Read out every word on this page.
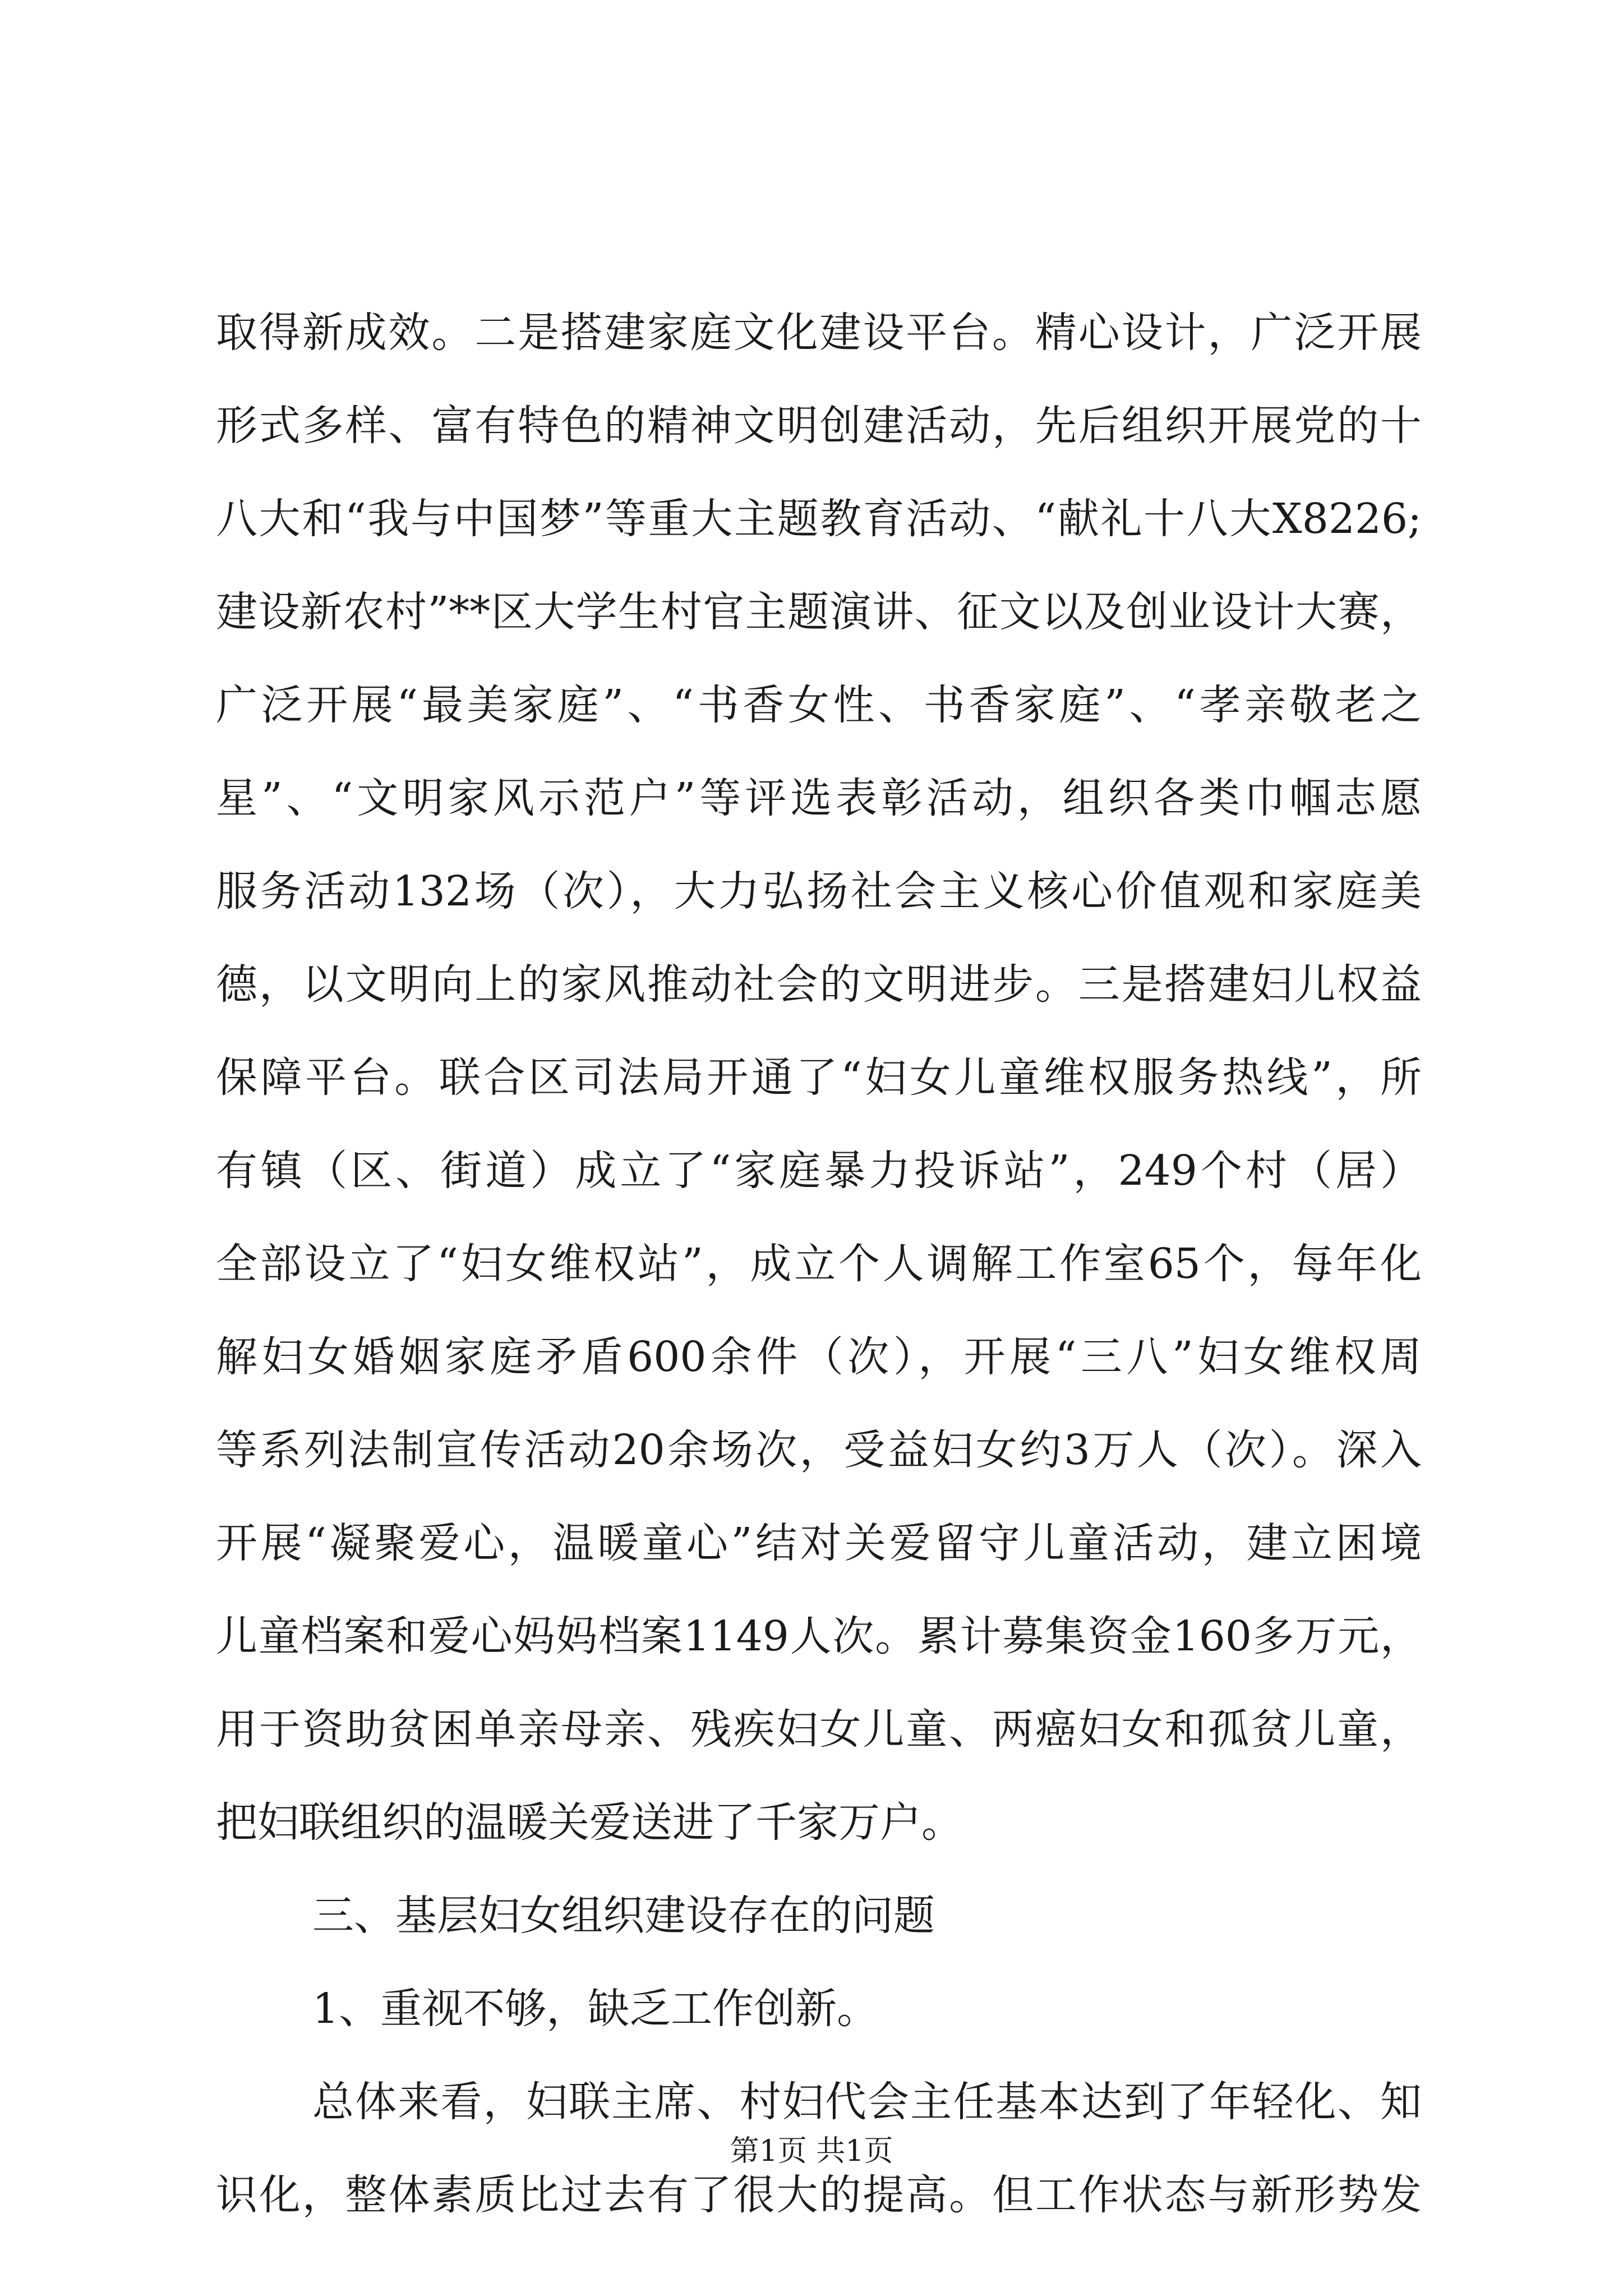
取得新成效。二是搭建家庭文化建设平台。精心设计，广泛开展
形式多样、富有特色的精神文明创建活动，先后组织开展党的十
八大和“我与中国梦”等重大主题教育活动、“献礼十八大X8226;
建设新农村”**区大学生村官主题演讲、征文以及创业设计大赛，
广泛开展“最美家庭”、“书香女性、书香家庭”、“孝亲敬老之
星”、“文明家风示范户”等评选表彰活动，组织各类巾帼志愿
服务活动132场（次），大力弘扬社会主义核心价值观和家庭美
德，以文明向上的家风推动社会的文明进步。三是搭建妇儿权益
保障平台。联合区司法局开通了“妇女儿童维权服务热线”，所
有镇（区、街道）成立了“家庭暴力投诉站”，249个村（居）
全部设立了“妇女维权站”，成立个人调解工作室65个，每年化
解妇女婚姻家庭矛盾600余件（次），开展“三八”妇女维权周
等系列法制宣传活动20余场次，受益妇女约3万人（次）。深入
开展“凝聚爱心，温暖童心”结对关爱留守儿童活动，建立困境
儿童档案和爱心妈妈档案1149人次。累计募集资金160多万元，
用于资助贫困单亲母亲、残疾妇女儿童、两癌妇女和孤贫儿童，
把妇联组织的温暖关爱送进了千家万户。
三、基层妇女组织建设存在的问题
1、重视不够，缺乏工作创新。
总体来看，妇联主席、村妇代会主任基本达到了年轻化、知
识化，整体素质比过去有了很大的提高。但工作状态与新形势发
第1页 共1页
